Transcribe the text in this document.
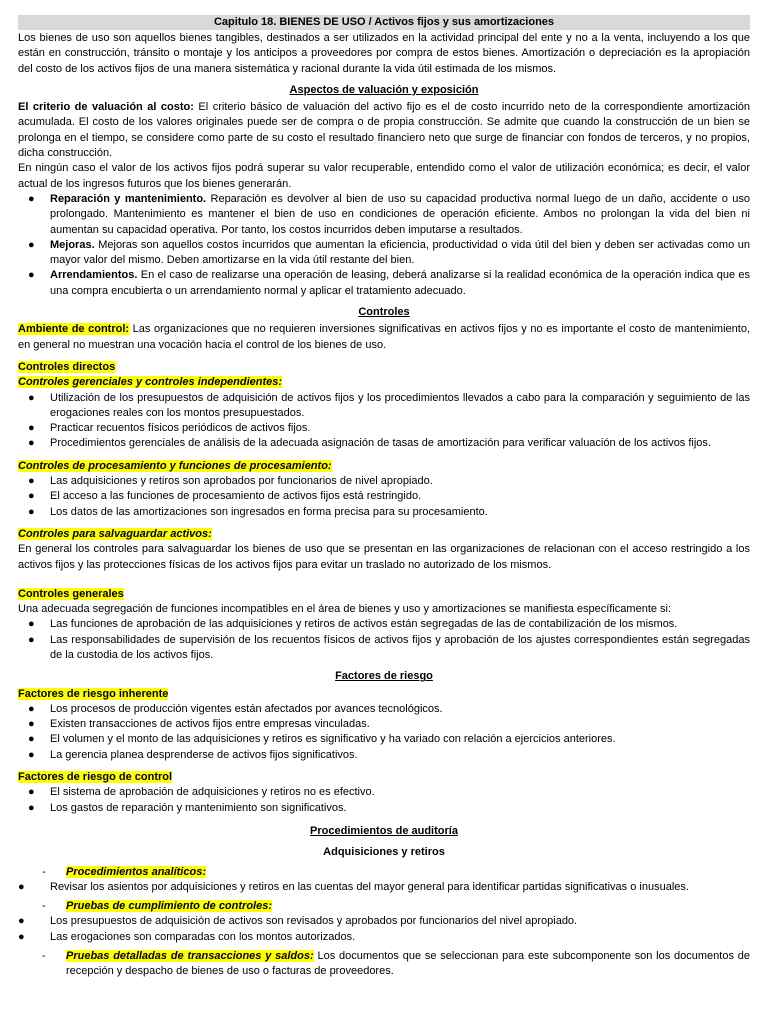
Capitulo 18. BIENES DE USO / Activos fijos y sus amortizaciones

Los bienes de uso son aquellos bienes tangibles, destinados a ser utilizados en la actividad principal del ente y no a la venta, incluyendo a los que están en construcción, tránsito o montaje y los anticipos a proveedores por compra de estos bienes. Amortización o depreciación es la apropiación del costo de los activos fijos de una manera sistemática y racional durante la vida útil estimada de los mismos.

Aspectos de valuación y exposición

El criterio de valuación al costo: El criterio básico de valuación del activo fijo es el de costo incurrido neto de la correspondiente amortización acumulada. El costo de los valores originales puede ser de compra o de propia construcción. Se admite que cuando la construcción de un bien se prolonga en el tiempo, se considere como parte de su costo el resultado financiero neto que surge de financiar con fondos de terceros, y no propios, dicha construcción.

En ningún caso el valor de los activos fijos podrá superar su valor recuperable, entendido como el valor de utilización económica; es decir, el valor actual de los ingresos futuros que los bienes generarán.

● Reparación y mantenimiento. Reparación es devolver al bien de uso su capacidad productiva normal luego de un daño, accidente o uso prolongado. Mantenimiento es mantener el bien de uso en condiciones de operación eficiente. Ambos no prolongan la vida del bien ni aumentan su capacidad operativa. Por tanto, los costos incurridos deben imputarse a resultados.
● Mejoras. Mejoras son aquellos costos incurridos que aumentan la eficiencia, productividad o vida útil del bien y deben ser activadas como un mayor valor del mismo. Deben amortizarse en la vida útil restante del bien.
● Arrendamientos. En el caso de realizarse una operación de leasing, deberá analizarse si la realidad económica de la operación indica que es una compra encubierta o un arrendamiento normal y aplicar el tratamiento adecuado.
Controles

Ambiente de control: Las organizaciones que no requieren inversiones significativas en activos fijos y no es importante el costo de mantenimiento, en general no muestran una vocación hacia el control de los bienes de uso.

Controles directos
Controles gerenciales y controles independientes:
● Utilización de los presupuestos de adquisición de activos fijos y los procedimientos llevados a cabo para la comparación y seguimiento de las erogaciones reales con los montos presupuestados.
● Practicar recuentos físicos periódicos de activos fijos.
● Procedimientos gerenciales de análisis de la adecuada asignación de tasas de amortización para verificar valuación de los activos fijos.
Controles de procesamiento y funciones de procesamiento:
● Las adquisiciones y retiros son aprobados por funcionarios de nivel apropiado.
● El acceso a las funciones de procesamiento de activos fijos está restringido.
● Los datos de las amortizaciones son ingresados en forma precisa para su procesamiento.
Controles para salvaguardar activos:

En general los controles para salvaguardar los bienes de uso que se presentan en las organizaciones de relacionan con el acceso restringido a los activos fijos y las protecciones físicas de los activos fijos para evitar un traslado no autorizado de los mismos.

Controles generales

Una adecuada segregación de funciones incompatibles en el área de bienes y uso y amortizaciones se manifiesta específicamente si:

● Las funciones de aprobación de las adquisiciones y retiros de activos están segregadas de las de contabilización de los mismos.
● Las responsabilidades de supervisión de los recuentos físicos de activos fijos y aprobación de los ajustes correspondientes están segregadas de la custodia de los activos fijos.
Factores de riesgo
Factores de riesgo inherente
● Los procesos de producción vigentes están afectados por avances tecnológicos.
● Existen transacciones de activos fijos entre empresas vinculadas.
● El volumen y el monto de las adquisiciones y retiros es significativo y ha variado con relación a ejercicios anteriores.
● La gerencia planea desprenderse de activos fijos significativos.
Factores de riesgo de control
● El sistema de aprobación de adquisiciones y retiros no es efectivo.
● Los gastos de reparación y mantenimiento son significativos.
Procedimientos de auditoría
Adquisiciones y retiros
- Procedimientos analíticos:
● Revisar los asientos por adquisiciones y retiros en las cuentas del mayor general para identificar partidas significativas o inusuales.
- Pruebas de cumplimiento de controles:
● Los presupuestos de adquisición de activos son revisados y aprobados por funcionarios del nivel apropiado.
● Las erogaciones son comparadas con los montos autorizados.
- Pruebas detalladas de transacciones y saldos: Los documentos que se seleccionan para este subcomponente son los documentos de recepción y despacho de bienes de uso o facturas de proveedores.
